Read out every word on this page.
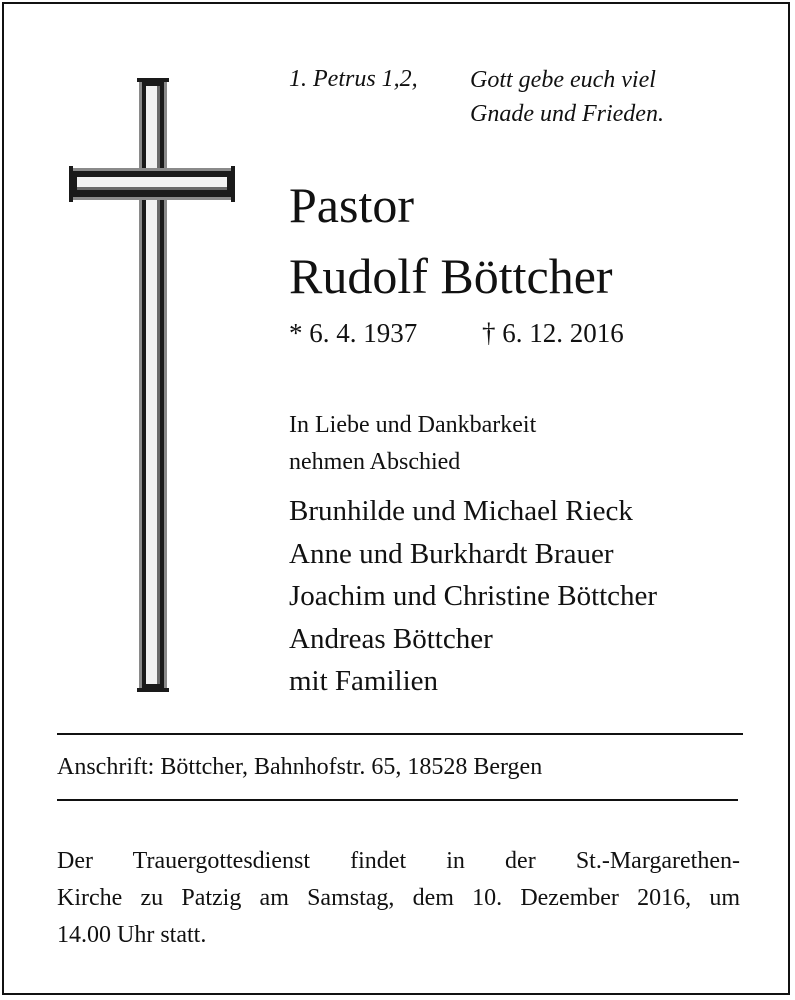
1. Petrus 1,2, Gott gebe euch viel
Gnade und Frieden.
Pastor
Rudolf Böttcher
* 6. 4. 1937 † 6. 12. 2016
In Liebe und Dankbarkeit
nehmen Abschied
Brunhilde und Michael Rieck
Anne und Burkhardt Brauer
Joachim und Christine Böttcher
Andreas Böttcher
mit Familien
Anschrift: Böttcher, Bahnhofstr. 65, 18528 Bergen
Der Trauergottesdienst findet in der St.-Margarethen-
Kirche zu Patzig am Samstag, dem 10. Dezember 2016, um
14.00 Uhr statt.
